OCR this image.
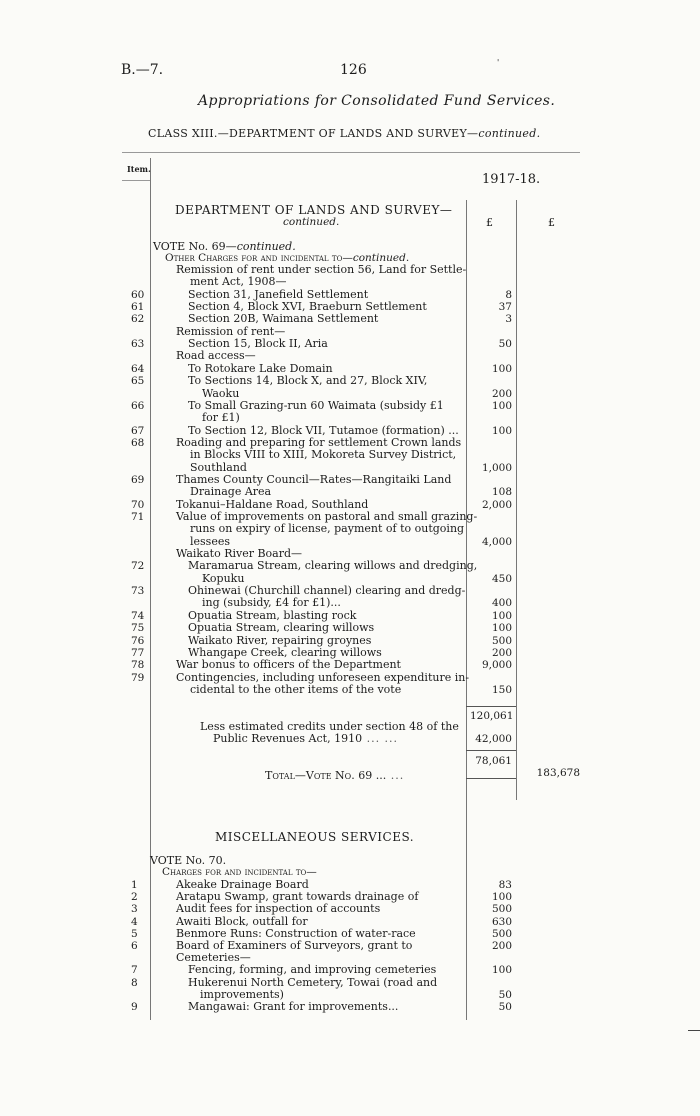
B.—7.	126
Appropriations for Consolidated Fund Services.
CLASS XIII.—DEPARTMENT OF LANDS AND SURVEY—continued.
Item.
1917-18.
£	£
DEPARTMENT OF LANDS AND SURVEY—
continued.
VOTE No. 69—continued.
Other Charges for and incidental to—continued.
Remission of rent under section 56, Land for Settle-
ment Act, 1908—
60	Section 31, Janefield Settlement	8
61	Section 4, Block XVI, Braeburn Settlement	37
62	Section 20B, Waimana Settlement	3
Remission of rent—
63	Section 15, Block II, Aria	50
Road access—
64	To Rotokare Lake Domain	100
65	To Sections 14, Block X, and 27, Block XIV,
Waoku	200
66	To Small Grazing-run 60 Waimata (subsidy £1	100
for £1)
67	To Section 12, Block VII, Tutamoe (formation) ...	100
68	Roading and preparing for settlement Crown lands
in Blocks VIII to XIII, Mokoreta Survey District,
Southland	1,000
69	Thames County Council—Rates—Rangitaiki Land
Drainage Area	108
70	Tokanui–Haldane Road, Southland	2,000
71	Value of improvements on pastoral and small grazing-
runs on expiry of license, payment of to outgoing
lessees	4,000
Waikato River Board—
72	Maramarua Stream, clearing willows and dredging,
Kopuku	450
73	Ohinewai (Churchill channel) clearing and dredg-
ing (subsidy, £4 for £1)...	400
74	Opuatia Stream, blasting rock	100
75	Opuatia Stream, clearing willows	100
76	Waikato River, repairing groynes	500
77	Whangape Creek, clearing willows	200
78	War bonus to officers of the Department	9,000
79	Contingencies, including unforeseen expenditure in-
cidental to the other items of the vote	150
120,061
Less estimated credits under section 48 of the
Public Revenues Act, 1910 ... ...	42,000
78,061
Total—Vote No. 69 ... ...	183,678
MISCELLANEOUS SERVICES.
VOTE No. 70.
Charges for and incidental to—
1	Akeake Drainage Board	83
2	Aratapu Swamp, grant towards drainage of	100
3	Audit fees for inspection of accounts	500
4	Awaiti Block, outfall for	630
5	Benmore Runs: Construction of water-race	500
6	Board of Examiners of Surveyors, grant to	200
Cemeteries—
7	Fencing, forming, and improving cemeteries	100
8	Hukerenui North Cemetery, Towai (road and
improvements)	50
9	Mangawai: Grant for improvements...	50
'
